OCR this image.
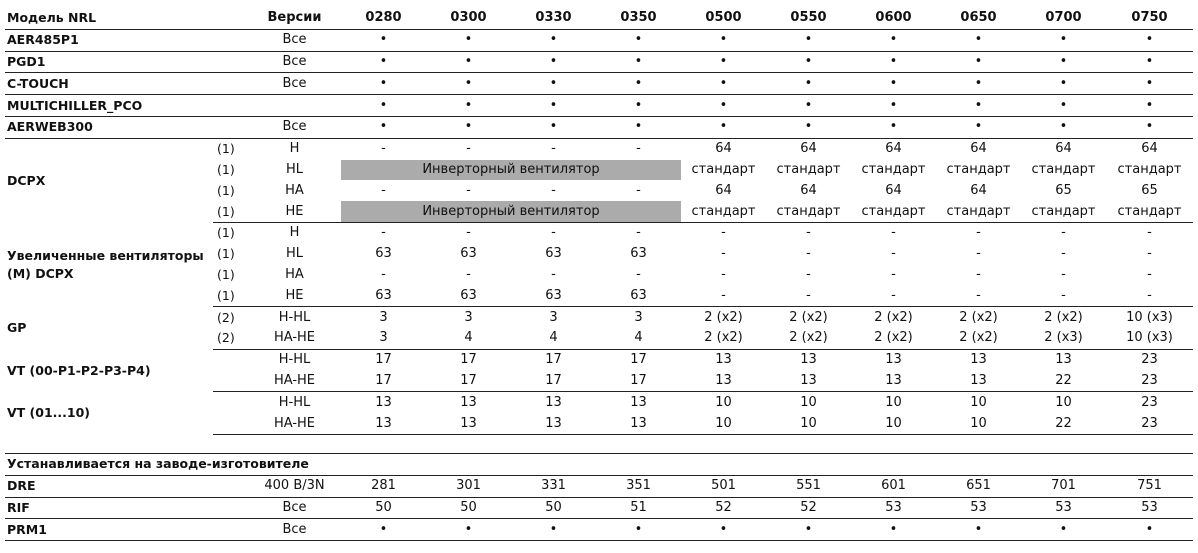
Модель NRL		Версии	0280	0300	0330	0350	0500	0550	0600	0650	0700	0750
AER485P1		Все	•	•	•	•	•	•	•	•	•	•
PGD1		Все	•	•	•	•	•	•	•	•	•	•
C-TOUCH		Все	•	•	•	•	•	•	•	•	•	•
MULTICHILLER_PCO			•	•	•	•	•	•	•	•	•	•
AERWEB300		Все	•	•	•	•	•	•	•	•	•	•
DCPX	(1)	H	-	-	-	-	64	64	64	64	64	64
	(1)	HL	Инверторный вентилятор				стандарт	стандарт	стандарт	стандарт	стандарт	стандарт
	(1)	HA	-	-	-	-	64	64	64	64	65	65
	(1)	HE	Инверторный вентилятор				стандарт	стандарт	стандарт	стандарт	стандарт	стандарт
Увеличенные вентиляторы (M) DCPX	(1)	H	-	-	-	-	-	-	-	-	-	-
	(1)	HL	63	63	63	63	-	-	-	-	-	-
	(1)	HA	-	-	-	-	-	-	-	-	-	-
	(1)	HE	63	63	63	63	-	-	-	-	-	-
GP	(2)	H-HL	3	3	3	3	2 (x2)	2 (x2)	2 (x2)	2 (x2)	2 (x2)	10 (x3)
	(2)	HA-HE	3	4	4	4	2 (x2)	2 (x2)	2 (x2)	2 (x2)	2 (x3)	10 (x3)
VT (00-P1-P2-P3-P4)		H-HL	17	17	17	17	13	13	13	13	13	23
		HA-HE	17	17	17	17	13	13	13	13	22	23
VT (01...10)		H-HL	13	13	13	13	10	10	10	10	10	23
		HA-HE	13	13	13	13	10	10	10	10	22	23

Устанавливается на заводе-изготовителе												
DRE		400 В/3N	281	301	331	351	501	551	601	651	701	751
RIF		Все	50	50	50	51	52	52	53	53	53	53
PRM1		Все	•	•	•	•	•	•	•	•	•	•
